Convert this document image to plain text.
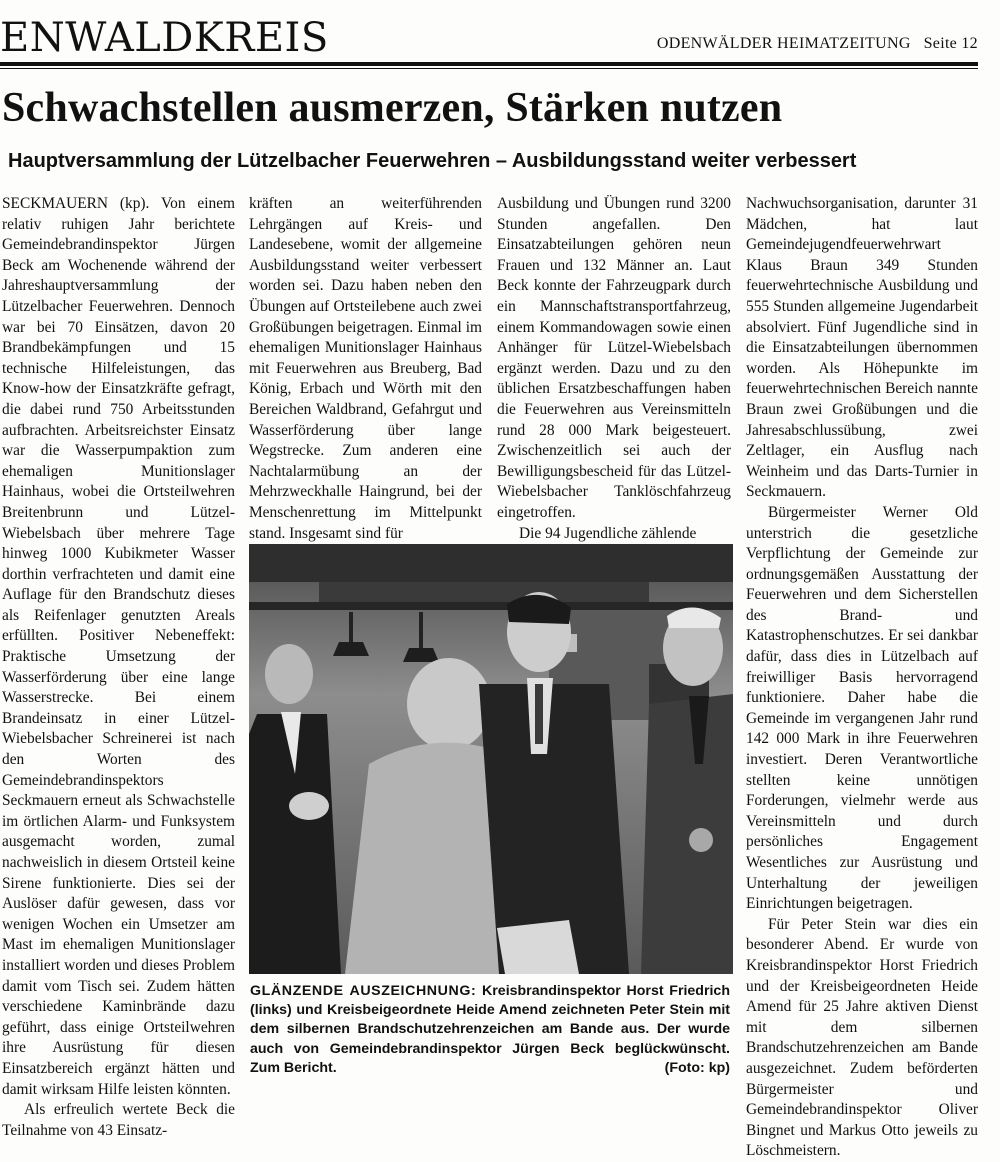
ENWALDKREIS	ODENWÄLDER HEIMATZEITUNG Seite 12
Schwachstellen ausmerzen, Stärken nutzen
Hauptversammlung der Lützelbacher Feuerwehren – Ausbildungsstand weiter verbessert

SECKMAUERN (kp). Von einem relativ ruhigen Jahr berichtete Gemeindebrandinspektor Jürgen Beck am Wochenende während der Jahreshauptversammlung der Lützelbacher Feuerwehren. Dennoch war bei 70 Einsätzen, davon 20 Brandbekämpfungen und 15 technische Hilfeleistungen, das Know-how der Einsatzkräfte gefragt, die dabei rund 750 Arbeitsstunden aufbrachten. Arbeitsreichster Einsatz war die Wasserpumpaktion zum ehemaligen Munitionslager Hainhaus, wobei die Ortsteilwehren Breitenbrunn und Lützel-Wiebelsbach über mehrere Tage hinweg 1000 Kubikmeter Wasser dorthin verfrachteten und damit eine Auflage für den Brandschutz dieses als Reifenlager genutzten Areals erfüllten. Positiver Nebeneffekt: Praktische Umsetzung der Wasserförderung über eine lange Wasserstrecke. Bei einem Brandeinsatz in einer Lützel-Wiebelsbacher Schreinerei ist nach den Worten des Gemeindebrandinspektors Seckmauern erneut als Schwachstelle im örtlichen Alarm- und Funksystem ausgemacht worden, zumal nachweislich in diesem Ortsteil keine Sirene funktionierte. Dies sei der Auslöser dafür gewesen, dass vor wenigen Wochen ein Umsetzer am Mast im ehemaligen Munitionslager installiert worden und dieses Problem damit vom Tisch sei. Zudem hätten verschiedene Kaminbrände dazu geführt, dass einige Ortsteilwehren ihre Ausrüstung für diesen Einsatzbereich ergänzt hätten und damit wirksam Hilfe leisten könnten.

Als erfreulich wertete Beck die Teilnahme von 43 Einsatz-

kräften an weiterführenden Lehrgängen auf Kreis- und Landesebene, womit der allgemeine Ausbildungsstand weiter verbessert worden sei. Dazu haben neben den Übungen auf Ortsteilebene auch zwei Großübungen beigetragen. Einmal im ehemaligen Munitionslager Hainhaus mit Feuerwehren aus Breuberg, Bad König, Erbach und Wörth mit den Bereichen Waldbrand, Gefahrgut und Wasserförderung über lange Wegstrecke. Zum anderen eine Nachtalarmübung an der Mehrzweckhalle Haingrund, bei der Menschenrettung im Mittelpunkt stand. Insgesamt sind für

Ausbildung und Übungen rund 3200 Stunden angefallen. Den Einsatzabteilungen gehören neun Frauen und 132 Männer an. Laut Beck konnte der Fahrzeugpark durch ein Mannschaftstransportfahrzeug, einem Kommandowagen sowie einen Anhänger für Lützel-Wiebelsbach ergänzt werden. Dazu und zu den üblichen Ersatzbeschaffungen haben die Feuerwehren aus Vereinsmitteln rund 28 000 Mark beigesteuert. Zwischenzeitlich sei auch der Bewilligungsbescheid für das Lützel-Wiebelsbacher Tanklöschfahrzeug eingetroffen.

Die 94 Jugendliche zählende

Nachwuchsorganisation, darunter 31 Mädchen, hat laut Gemeindejugendfeuerwehrwart Klaus Braun 349 Stunden feuerwehrtechnische Ausbildung und 555 Stunden allgemeine Jugendarbeit absolviert. Fünf Jugendliche sind in die Einsatzabteilungen übernommen worden. Als Höhepunkte im feuerwehrtechnischen Bereich nannte Braun zwei Großübungen und die Jahresabschlussübung, zwei Zeltlager, ein Ausflug nach Weinheim und das Darts-Turnier in Seckmauern.

Bürgermeister Werner Old unterstrich die gesetzliche Verpflichtung der Gemeinde zur ordnungsgemäßen Ausstattung der Feuerwehren und dem Sicherstellen des Brand- und Katastrophenschutzes. Er sei dankbar dafür, dass dies in Lützelbach auf freiwilliger Basis hervorragend funktioniere. Daher habe die Gemeinde im vergangenen Jahr rund 142 000 Mark in ihre Feuerwehren investiert. Deren Verantwortliche stellten keine unnötigen Forderungen, vielmehr werde aus Vereinsmitteln und durch persönliches Engagement Wesentliches zur Ausrüstung und Unterhaltung der jeweiligen Einrichtungen beigetragen.

Für Peter Stein war dies ein besonderer Abend. Er wurde von Kreisbrandinspektor Horst Friedrich und der Kreisbeigeordneten Heide Amend für 25 Jahre aktiven Dienst mit dem silbernen Brandschutzehrenzeichen am Bande ausgezeichnet. Zudem beförderten Bürgermeister und Gemeindebrandinspektor Oliver Bingnet und Markus Otto jeweils zu Löschmeistern.

GLÄNZENDE AUSZEICHNUNG: Kreisbrandinspektor Horst Friedrich (links) und Kreisbeigeordnete Heide Amend zeichneten Peter Stein mit dem silbernen Brandschutzehrenzeichen am Bande aus. Der wurde auch von Gemeindebrandinspektor Jürgen Beck beglückwünscht. Zum Bericht.	(Foto: kp)
